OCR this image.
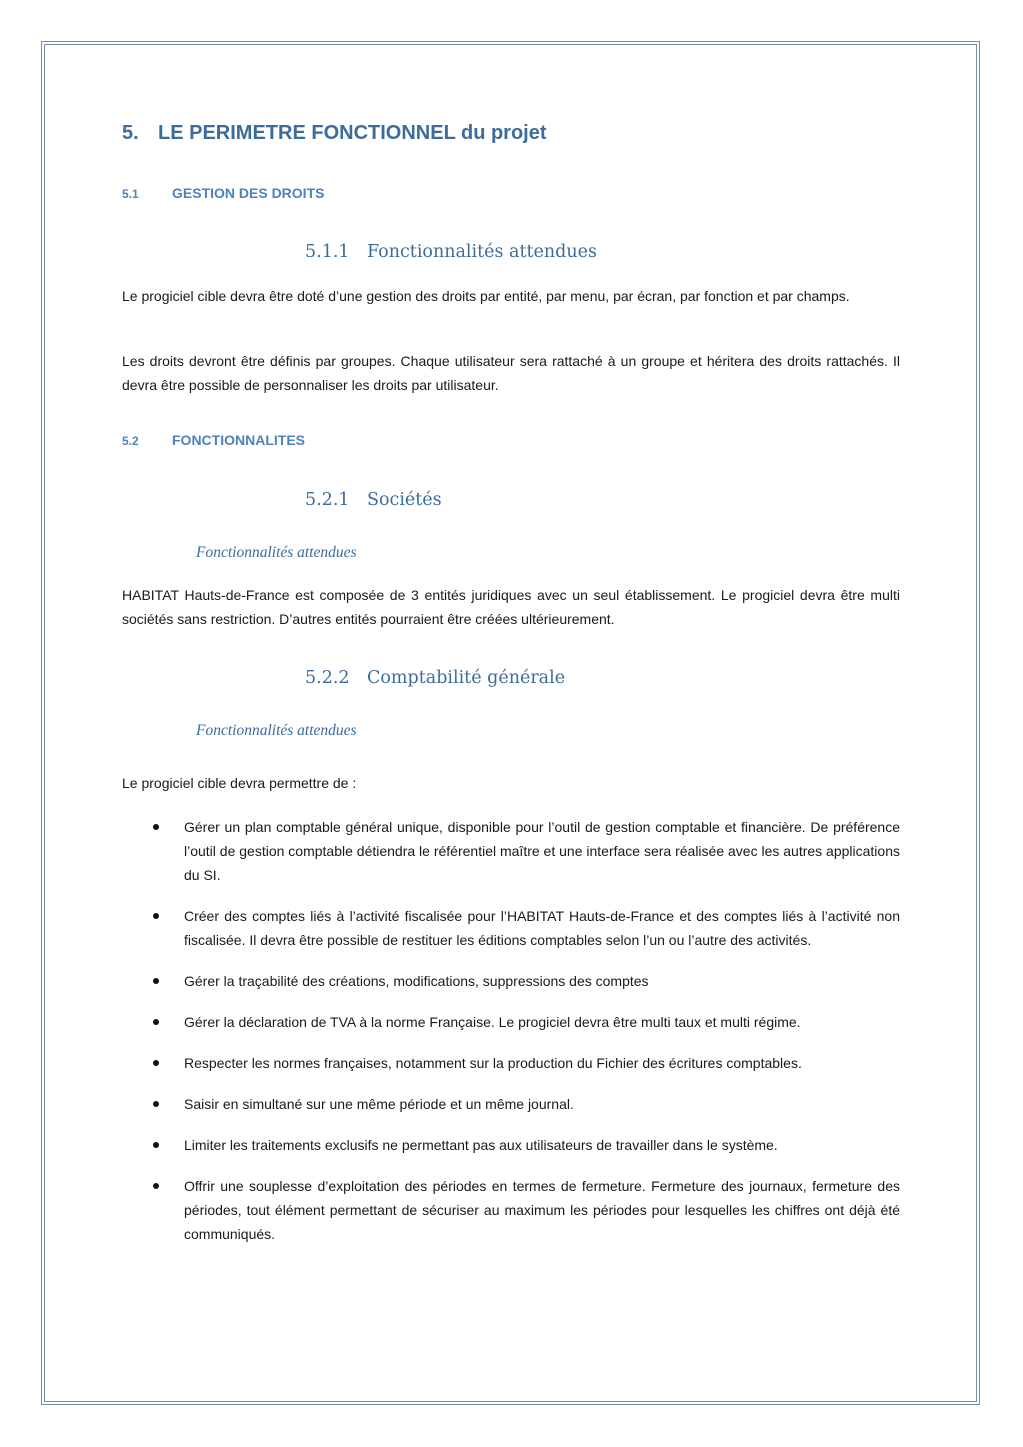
5. LE PERIMETRE FONCTIONNEL du projet
5.1 GESTION DES DROITS
5.1.1 Fonctionnalités attendues

Le progiciel cible devra être doté d’une gestion des droits par entité, par menu, par écran, par fonction et par champs.

Les droits devront être définis par groupes. Chaque utilisateur sera rattaché à un groupe et héritera des droits rattachés. Il devra être possible de personnaliser les droits par utilisateur.

5.2 FONCTIONNALITES
5.2.1 Sociétés
Fonctionnalités attendues

HABITAT Hauts-de-France est composée de 3 entités juridiques avec un seul établissement. Le progiciel devra être multi sociétés sans restriction. D’autres entités pourraient être créées ultérieurement.

5.2.2 Comptabilité générale
Fonctionnalités attendues

Le progiciel cible devra permettre de :

Gérer un plan comptable général unique, disponible pour l’outil de gestion comptable et financière. De préférence l’outil de gestion comptable détiendra le référentiel maître et une interface sera réalisée avec les autres applications du SI.
Créer des comptes liés à l’activité fiscalisée pour l’HABITAT Hauts-de-France et des comptes liés à l’activité non fiscalisée. Il devra être possible de restituer les éditions comptables selon l’un ou l’autre des activités.
Gérer la traçabilité des créations, modifications, suppressions des comptes
Gérer la déclaration de TVA à la norme Française. Le progiciel devra être multi taux et multi régime.
Respecter les normes françaises, notamment sur la production du Fichier des écritures comptables.
Saisir en simultané sur une même période et un même journal.
Limiter les traitements exclusifs ne permettant pas aux utilisateurs de travailler dans le système.
Offrir une souplesse d’exploitation des périodes en termes de fermeture. Fermeture des journaux, fermeture des périodes, tout élément permettant de sécuriser au maximum les périodes pour lesquelles les chiffres ont déjà été communiqués.
